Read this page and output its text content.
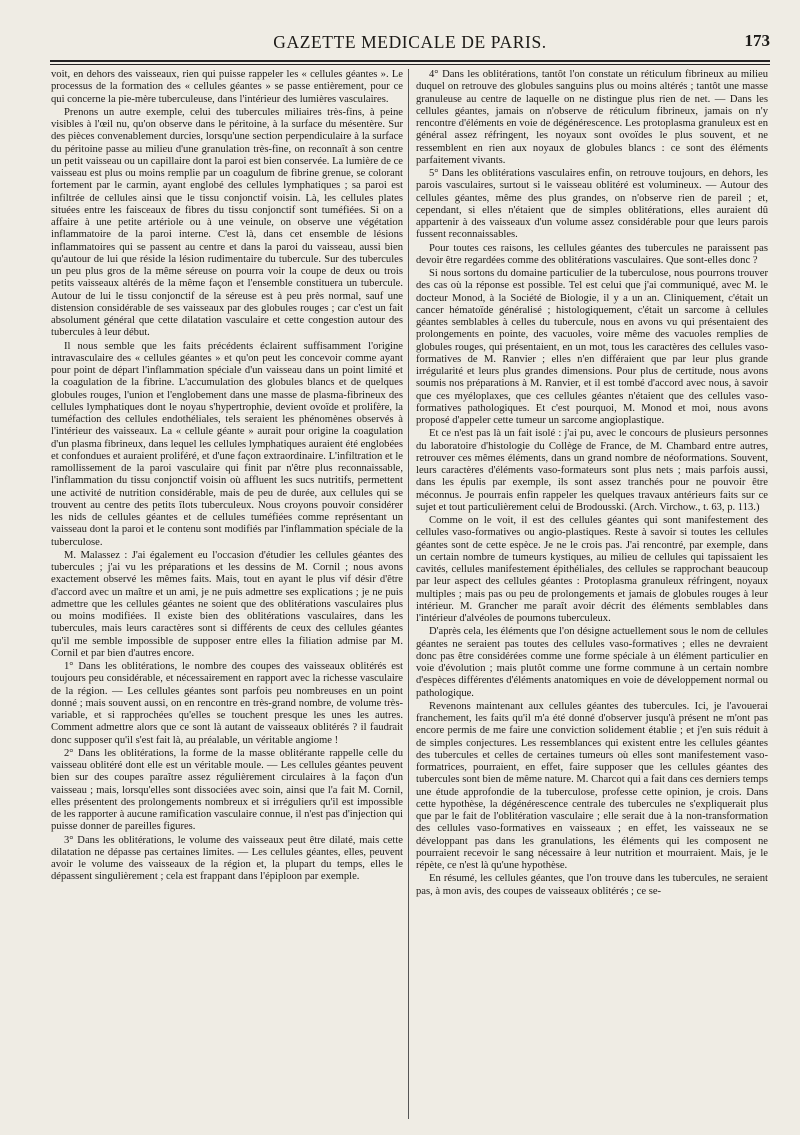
GAZETTE MEDICALE DE PARIS.	173

voit, en dehors des vaisseaux, rien qui puisse rappeler les « cellules géantes ». Le processus de la formation des « cellules géantes » se passe entièrement, pour ce qui concerne la pie-mère tuberculeuse, dans l'intérieur des lumières vasculaires.

Prenons un autre exemple, celui des tubercules miliaires très-fins, à peine visibles à l'œil nu, qu'on observe dans le péritoine, à la surface du mésentère. Sur des pièces convenablement durcies, lorsqu'une section perpendiculaire à la surface du péritoine passe au milieu d'une granulation très-fine, on reconnaît à son centre un petit vaisseau ou un capillaire dont la paroi est bien conservée. La lumière de ce vaisseau est plus ou moins remplie par un coagulum de fibrine grenue, se colorant fortement par le carmin, ayant englobé des cellules lymphatiques ; sa paroi est infiltrée de cellules ainsi que le tissu conjonctif voisin. Là, les cellules plates situées entre les faisceaux de fibres du tissu conjonctif sont tuméfiées. Si on a affaire à une petite artériole ou à une veinule, on observe une végétation inflammatoire de la paroi interne. C'est là, dans cet ensemble de lésions inflammatoires qui se passent au centre et dans la paroi du vaisseau, aussi bien qu'autour de lui que réside la lésion rudimentaire du tubercule. Sur des tubercules un peu plus gros de la même séreuse on pourra voir la coupe de deux ou trois petits vaisseaux altérés de la même façon et l'ensemble constituera un tubercule. Autour de lui le tissu conjonctif de la séreuse est à peu près normal, sauf une distension considérable de ses vaisseaux par des globules rouges ; car c'est un fait absolument général que cette dilatation vasculaire et cette congestion autour des tubercules à leur début.

Il nous semble que les faits précédents éclairent suffisamment l'origine intravasculaire des « cellules géantes » et qu'on peut les concevoir comme ayant pour point de départ l'inflammation spéciale d'un vaisseau dans un point limité et la coagulation de la fibrine. L'accumulation des globules blancs et de quelques globules rouges, l'union et l'englobement dans une masse de plasma-fibrineux des cellules lymphatiques dont le noyau s'hypertrophie, devient ovoïde et prolifère, la tuméfaction des cellules endothéliales, tels seraient les phénomènes observés à l'intérieur des vaisseaux. La « cellule géante » aurait pour origine la coagulation d'un plasma fibrineux, dans lequel les cellules lymphatiques auraient été englobées et confondues et auraient proliféré, et d'une façon extraordinaire. L'infiltration et le ramollissement de la paroi vasculaire qui finit par n'être plus reconnaissable, l'inflammation du tissu conjonctif voisin où affluent les sucs nutritifs, permettent une activité de nutrition considérable, mais de peu de durée, aux cellules qui se trouvent au centre des petits îlots tuberculeux. Nous croyons pouvoir considérer les nids de cellules géantes et de cellules tuméfiées comme représentant un vaisseau dont la paroi et le contenu sont modifiés par l'inflammation spéciale de la tuberculose.

M. Malassez : J'ai également eu l'occasion d'étudier les cellules géantes des tubercules ; j'ai vu les préparations et les dessins de M. Cornil ; nous avons exactement observé les mêmes faits. Mais, tout en ayant le plus vif désir d'être d'accord avec un maître et un ami, je ne puis admettre ses explications ; je ne puis admettre que les cellules géantes ne soient que des oblitérations vasculaires plus ou moins modifiées. Il existe bien des oblitérations vasculaires, dans les tubercules, mais leurs caractères sont si différents de ceux des cellules géantes qu'il me semble impossible de supposer entre elles la filiation admise par M. Cornil et par bien d'autres encore.

1° Dans les oblitérations, le nombre des coupes des vaisseaux oblitérés est toujours peu considérable, et nécessairement en rapport avec la richesse vasculaire de la région. — Les cellules géantes sont parfois peu nombreuses en un point donné ; mais souvent aussi, on en rencontre en très-grand nombre, de volume très-variable, et si rapprochées qu'elles se touchent presque les unes les autres. Comment admettre alors que ce sont là autant de vaisseaux oblitérés ? il faudrait donc supposer qu'il s'est fait là, au préalable, un véritable angiome !

2° Dans les oblitérations, la forme de la masse oblitérante rappelle celle du vaisseau oblitéré dont elle est un véritable moule. — Les cellules géantes peuvent bien sur des coupes paraître assez régulièrement circulaires à la façon d'un vaisseau ; mais, lorsqu'elles sont dissociées avec soin, ainsi que l'a fait M. Cornil, elles présentent des prolongements nombreux et si irréguliers qu'il est impossible de les rapporter à aucune ramification vasculaire connue, il n'est pas d'injection qui puisse donner de pareilles figures.

3° Dans les oblitérations, le volume des vaisseaux peut être dilaté, mais cette dilatation ne dépasse pas certaines limites. — Les cellules géantes, elles, peuvent avoir le volume des vaisseaux de la région et, la plupart du temps, elles le dépassent singulièrement ; cela est frappant dans l'épiploon par exemple.

4° Dans les oblitérations, tantôt l'on constate un réticulum fibrineux au milieu duquel on retrouve des globules sanguins plus ou moins altérés ; tantôt une masse granuleuse au centre de laquelle on ne distingue plus rien de net. — Dans les cellules géantes, jamais on n'observe de réticulum fibrineux, jamais on n'y rencontre d'éléments en voie de dégénérescence. Les protoplasma granuleux est en général assez réfringent, les noyaux sont ovoïdes le plus souvent, et ne ressemblent en rien aux noyaux de globules blancs : ce sont des éléments parfaitement vivants.

5° Dans les oblitérations vasculaires enfin, on retrouve toujours, en dehors, les parois vasculaires, surtout si le vaisseau oblitéré est volumineux. — Autour des cellules géantes, même des plus grandes, on n'observe rien de pareil ; et, cependant, si elles n'étaient que de simples oblitérations, elles auraient dû appartenir à des vaisseaux d'un volume assez considérable pour que leurs parois fussent reconnaissables.

Pour toutes ces raisons, les cellules géantes des tubercules ne paraissent pas devoir être regardées comme des oblitérations vasculaires. Que sont-elles donc ?

Si nous sortons du domaine particulier de la tuberculose, nous pourrons trouver des cas où la réponse est possible. Tel est celui que j'ai communiqué, avec M. le docteur Monod, à la Société de Biologie, il y a un an. Cliniquement, c'était un cancer hématoïde généralisé ; histologiquement, c'était un sarcome à cellules géantes semblables à celles du tubercule, nous en avons vu qui présentaient des prolongements en pointe, des vacuoles, voire même des vacuoles remplies de globules rouges, qui présentaient, en un mot, tous les caractères des cellules vaso-formatives de M. Ranvier ; elles n'en différaient que par leur plus grande irrégularité et leurs plus grandes dimensions. Pour plus de certitude, nous avons soumis nos préparations à M. Ranvier, et il est tombé d'accord avec nous, à savoir que ces myéloplaxes, que ces cellules géantes n'étaient que des cellules vaso-formatives pathologiques. Et c'est pourquoi, M. Monod et moi, nous avons proposé d'appeler cette tumeur un sarcome angioplastique.

Et ce n'est pas là un fait isolé : j'ai pu, avec le concours de plusieurs personnes du laboratoire d'histologie du Collège de France, de M. Chambard entre autres, retrouver ces mêmes éléments, dans un grand nombre de néoformations. Souvent, leurs caractères d'éléments vaso-formateurs sont plus nets ; mais parfois aussi, dans les épulis par exemple, ils sont assez tranchés pour ne pouvoir être méconnus. Je pourrais enfin rappeler les quelques travaux antérieurs faits sur ce sujet et tout particulièrement celui de Brodousski. (Arch. Virchow., t. 63, p. 113.)

Comme on le voit, il est des cellules géantes qui sont manifestement des cellules vaso-formatives ou angio-plastiques. Reste à savoir si toutes les cellules géantes sont de cette espèce. Je ne le crois pas. J'ai rencontré, par exemple, dans un certain nombre de tumeurs kystiques, au milieu de cellules qui tapissaient les cavités, cellules manifestement épithéliales, des cellules se rapprochant beaucoup par leur aspect des cellules géantes : Protoplasma granuleux réfringent, noyaux multiples ; mais pas ou peu de prolongements et jamais de globules rouges à leur intérieur. M. Grancher me paraît avoir décrit des éléments semblables dans l'intérieur d'alvéoles de poumons tuberculeux.

D'après cela, les éléments que l'on désigne actuellement sous le nom de cellules géantes ne seraient pas toutes des cellules vaso-formatives ; elles ne devraient donc pas être considérées comme une forme spéciale à un élément particulier en voie d'évolution ; mais plutôt comme une forme commune à un certain nombre d'espèces différentes d'éléments anatomiques en voie de développement normal ou pathologique.

Revenons maintenant aux cellules géantes des tubercules. Ici, je l'avouerai franchement, les faits qu'il m'a été donné d'observer jusqu'à présent ne m'ont pas encore permis de me faire une conviction solidement établie ; et j'en suis réduit à de simples conjectures. Les ressemblances qui existent entre les cellules géantes des tubercules et celles de certaines tumeurs où elles sont manifestement vaso-formatrices, pourraient, en effet, faire supposer que les cellules géantes des tubercules sont bien de même nature. M. Charcot qui a fait dans ces derniers temps une étude approfondie de la tuberculose, professe cette opinion, je crois. Dans cette hypothèse, la dégénérescence centrale des tubercules ne s'expliquerait plus que par le fait de l'oblitération vasculaire ; elle serait due à la non-transformation des cellules vaso-formatives en vaisseaux ; en effet, les vaisseaux ne se développant pas dans les granulations, les éléments qui les composent ne pourraient recevoir le sang nécessaire à leur nutrition et mourraient. Mais, je le répète, ce n'est là qu'une hypothèse.

En résumé, les cellules géantes, que l'on trouve dans les tubercules, ne seraient pas, à mon avis, des coupes de vaisseaux oblitérés ; ce se-
